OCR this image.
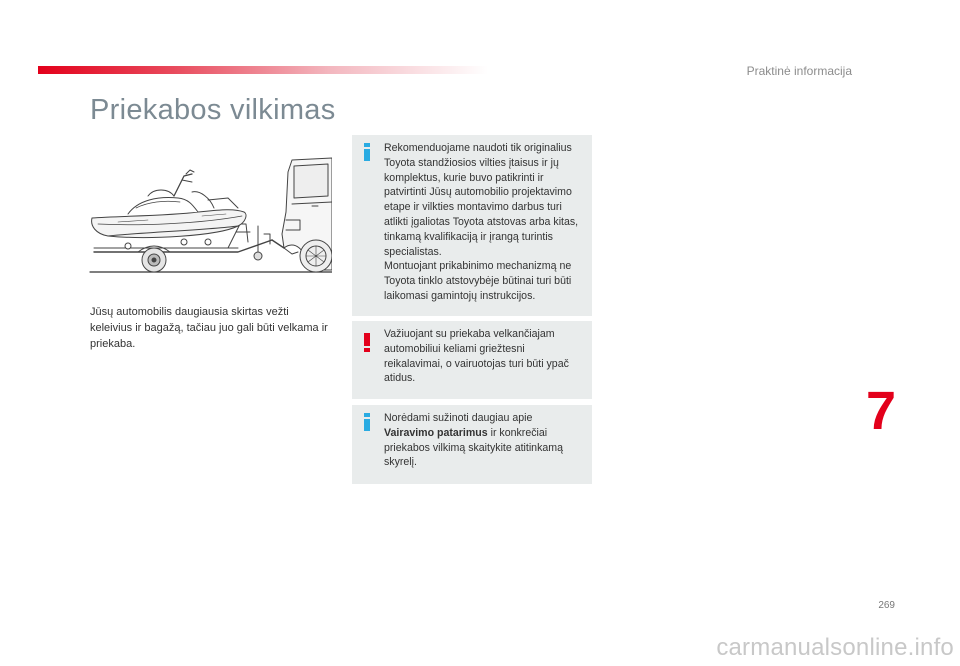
Praktinė informacija
Priekabos vilkimas

Jūsų automobilis daugiausia skirtas vežti keleivius ir bagažą, tačiau juo gali būti velkama ir priekaba.

Rekomenduojame naudoti tik originalius Toyota standžiosios vilties įtaisus ir jų komplektus, kurie buvo patikrinti ir patvirtinti Jūsų automobilio projektavimo etape ir vilkties montavimo darbus turi atlikti įgaliotas Toyota atstovas arba kitas, tinkamą kvalifikaciją ir įrangą turintis specialistas.

Montuojant prikabinimo mechanizmą ne Toyota tinklo atstovybėje būtinai turi būti laikomasi gamintojų instrukcijos.

Važiuojant su priekaba velkančiajam automobiliui keliami griežtesni reikalavimai, o vairuotojas turi būti ypač atidus.

Norėdami sužinoti daugiau apie Vairavimo patarimus ir konkrečiai priekabos vilkimą skaitykite atitinkamą skyrelį.

7
269
carmanualsonline.info
